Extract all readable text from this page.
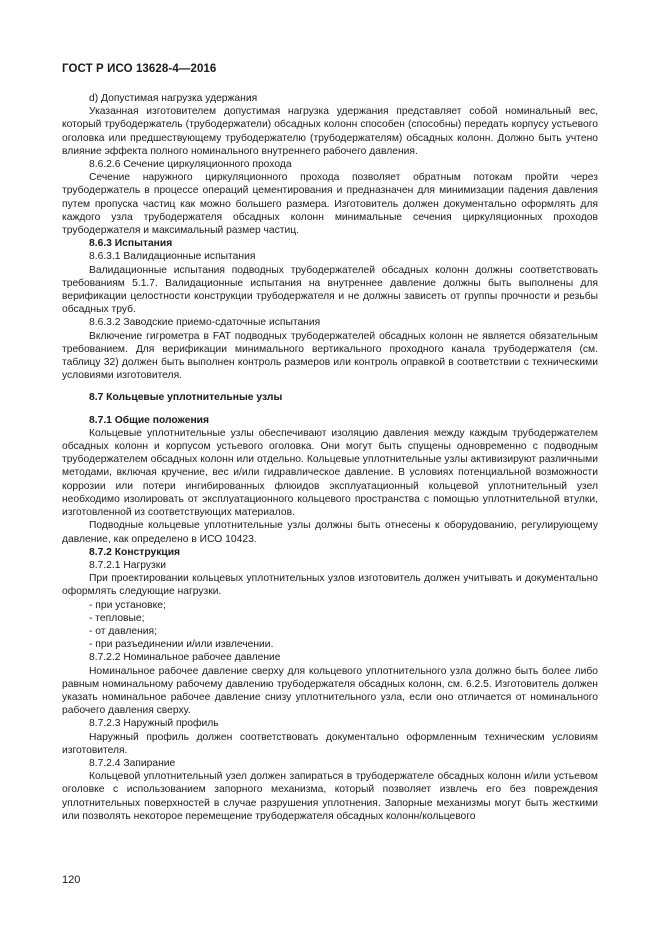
ГОСТ Р ИСО 13628-4—2016

d) Допустимая нагрузка удержания

Указанная изготовителем допустимая нагрузка удержания представляет собой номинальный вес, который трубодержатель (трубодержатели) обсадных колонн способен (способны) передать корпусу устьевого оголовка или предшествующему трубодержателю (трубодержателям) обсадных колонн. Должно быть учтено влияние эффекта полного номинального внутреннего рабочего давления.

8.6.2.6 Сечение циркуляционного прохода

Сечение наружного циркуляционного прохода позволяет обратным потокам пройти через трубодержатель в процессе операций цементирования и предназначен для минимизации падения давления путем пропуска частиц как можно большего размера. Изготовитель должен документально оформлять для каждого узла трубодержателя обсадных колонн минимальные сечения циркуляционных проходов трубодержателя и максимальный размер частиц.

8.6.3 Испытания

8.6.3.1 Валидационные испытания

Валидационные испытания подводных трубодержателей обсадных колонн должны соответствовать требованиям 5.1.7. Валидационные испытания на внутреннее давление должны быть выполнены для верификации целостности конструкции трубодержателя и не должны зависеть от группы прочности и резьбы обсадных труб.

8.6.3.2 Заводские приемо-сдаточные испытания

Включение гигрометра в FAT подводных трубодержателей обсадных колонн не является обязательным требованием. Для верификации минимального вертикального проходного канала трубодержателя (см. таблицу 32) должен быть выполнен контроль размеров или контроль оправкой в соответствии с техническими условиями изготовителя.

8.7 Кольцевые уплотнительные узлы

8.7.1 Общие положения

Кольцевые уплотнительные узлы обеспечивают изоляцию давления между каждым трубодержателем обсадных колонн и корпусом устьевого оголовка. Они могут быть спущены одновременно с подводным трубодержателем обсадных колонн или отдельно. Кольцевые уплотнительные узлы активизируют различными методами, включая кручение, вес и/или гидравлическое давление. В условиях потенциальной возможности коррозии или потери ингибированных флюидов эксплуатационный кольцевой уплотнительный узел необходимо изолировать от эксплуатационного кольцевого пространства с помощью уплотнительной втулки, изготовленной из соответствующих материалов.

Подводные кольцевые уплотнительные узлы должны быть отнесены к оборудованию, регулирующему давление, как определено в ИСО 10423.

8.7.2 Конструкция

8.7.2.1 Нагрузки

При проектировании кольцевых уплотнительных узлов изготовитель должен учитывать и документально оформлять следующие нагрузки.

- при установке;

- тепловые;

- от давления;

- при разъединении и/или извлечении.

8.7.2.2 Номинальное рабочее давление

Номинальное рабочее давление сверху для кольцевого уплотнительного узла должно быть более либо равным номинальному рабочему давлению трубодержателя обсадных колонн, см. 6.2.5. Изготовитель должен указать номинальное рабочее давление снизу уплотнительного узла, если оно отличается от номинального рабочего давления сверху.

8.7.2.3 Наружный профиль

Наружный профиль должен соответствовать документально оформленным техническим условиям изготовителя.

8.7.2.4 Запирание

Кольцевой уплотнительный узел должен запираться в трубодержателе обсадных колонн и/или устьевом оголовке с использованием запорного механизма, который позволяет извлечь его без повреждения уплотнительных поверхностей в случае разрушения уплотнения. Запорные механизмы могут быть жесткими или позволять некоторое перемещение трубодержателя обсадных колонн/кольцевого

120
